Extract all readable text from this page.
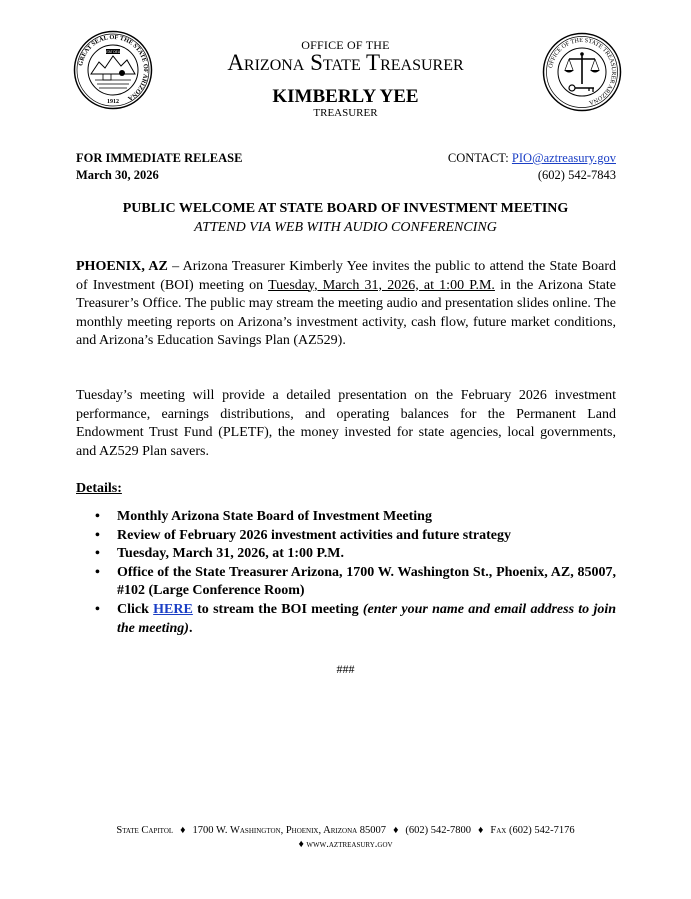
GREAT SEAL OF THE STATE OF ARIZONA
DITAT DEUS
1912
OFFICE OF THE STATE TREASURER ARIZONA
OFFICE OF THE
Arizona State Treasurer
KIMBERLY YEE
TREASURER
FOR IMMEDIATE RELEASE
March 30, 2026
CONTACT: PIO@aztreasury.gov
(602) 542-7843
PUBLIC WELCOME AT STATE BOARD OF INVESTMENT MEETING
ATTEND VIA WEB WITH AUDIO CONFERENCING
PHOENIX, AZ – Arizona Treasurer Kimberly Yee invites the public to attend the State Board of Investment (BOI) meeting on Tuesday, March 31, 2026, at 1:00 P.M. in the Arizona State Treasurer’s Office. The public may stream the meeting audio and presentation slides online. The monthly meeting reports on Arizona’s investment activity, cash flow, future market conditions, and Arizona’s Education Savings Plan (AZ529).
Tuesday’s meeting will provide a detailed presentation on the February 2026 investment performance, earnings distributions, and operating balances for the Permanent Land Endowment Trust Fund (PLETF), the money invested for state agencies, local governments, and AZ529 Plan savers.
Details:
• Monthly Arizona State Board of Investment Meeting
• Review of February 2026 investment activities and future strategy
• Tuesday, March 31, 2026, at 1:00 P.M.
• Office of the State Treasurer Arizona, 1700 W. Washington St., Phoenix, AZ, 85007, #102 (Large Conference Room)
• Click HERE to stream the BOI meeting (enter your name and email address to join the meeting).
###
State Capitol ♦ 1700 W. Washington, Phoenix, Arizona 85007 ♦ (602) 542-7800 ♦ Fax (602) 542-7176
♦ www.aztreasury.gov
